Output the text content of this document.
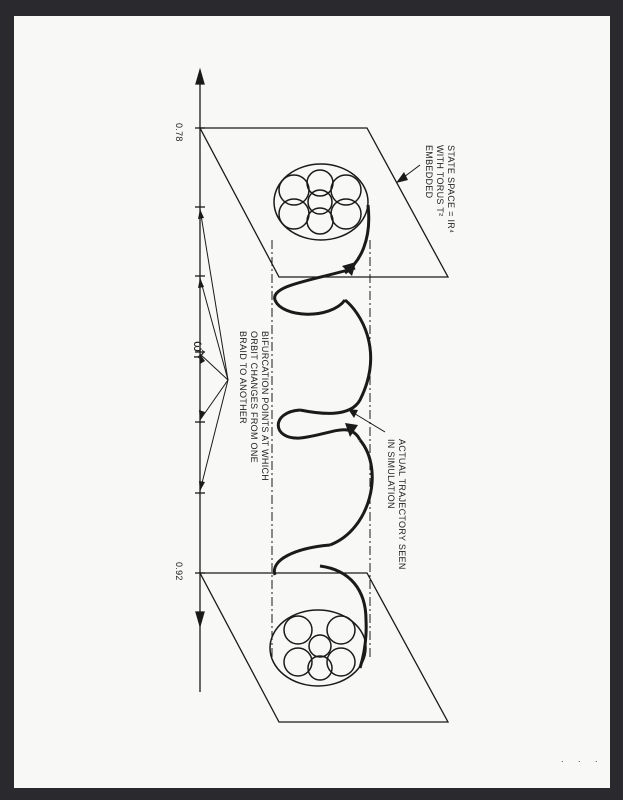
0.78
0.92
ω̂Y
STATE SPACE = IR⁴
WITH TORUS T²
EMBEDDED
ACTUAL TRAJECTORY SEEN
IN SIMULATION
BIFURCATION POINTS AT WHICH
ORBIT CHANGES FROM ONE
BRAID TO ANOTHER
. . .
